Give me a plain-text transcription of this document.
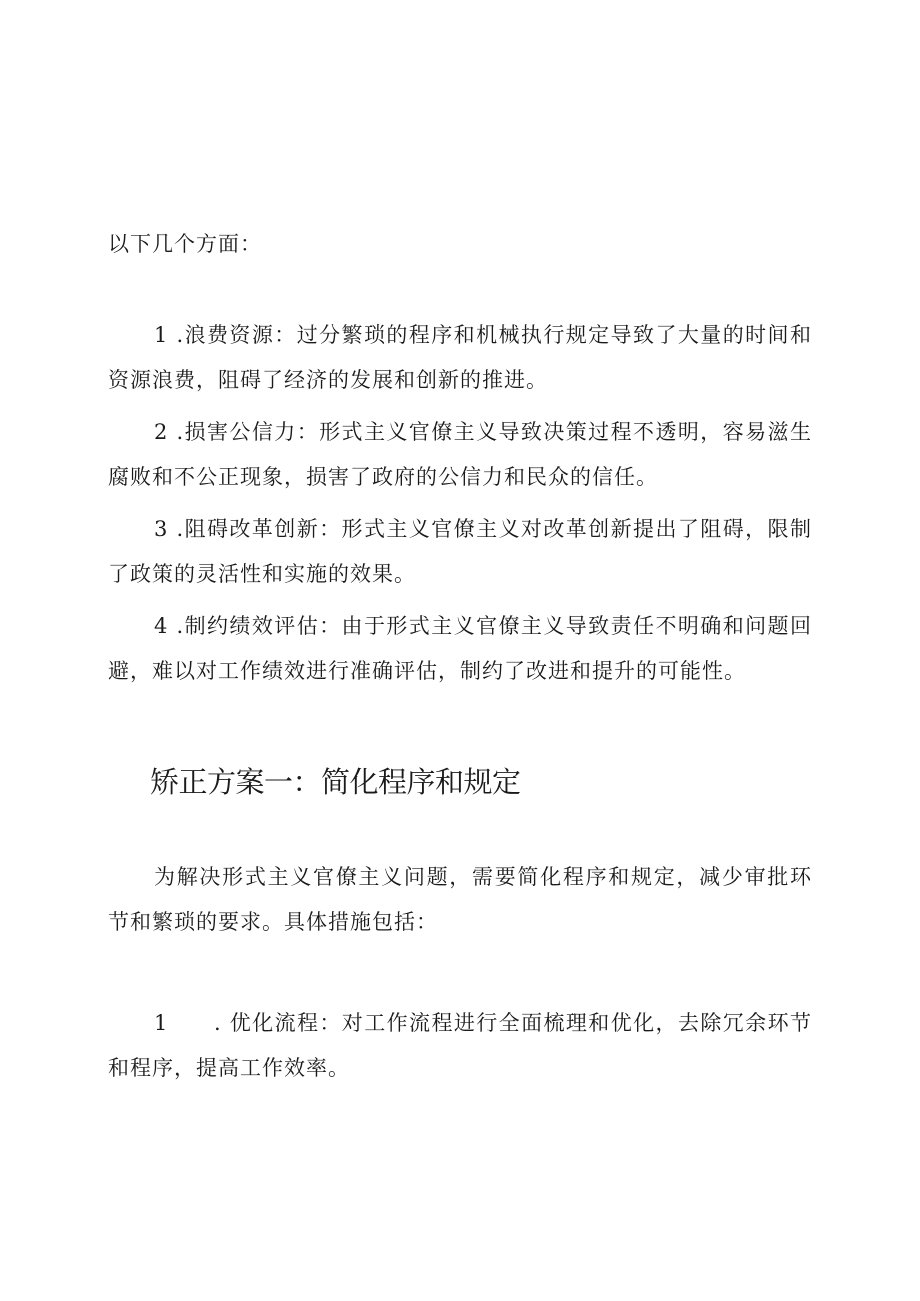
以下几个方面：

1 .浪费资源：过分繁琐的程序和机械执行规定导致了大量的时间和资源浪费，阻碍了经济的发展和创新的推进。

2 .损害公信力：形式主义官僚主义导致决策过程不透明，容易滋生腐败和不公正现象，损害了政府的公信力和民众的信任。

3 .阻碍改革创新：形式主义官僚主义对改革创新提出了阻碍，限制了政策的灵活性和实施的效果。

4 .制约绩效评估：由于形式主义官僚主义导致责任不明确和问题回避，难以对工作绩效进行准确评估，制约了改进和提升的可能性。

矫正方案一：简化程序和规定

为解决形式主义官僚主义问题，需要简化程序和规定，减少审批环节和繁琐的要求。具体措施包括：

1 . 优化流程：对工作流程进行全面梳理和优化，去除冗余环节和程序，提高工作效率。
